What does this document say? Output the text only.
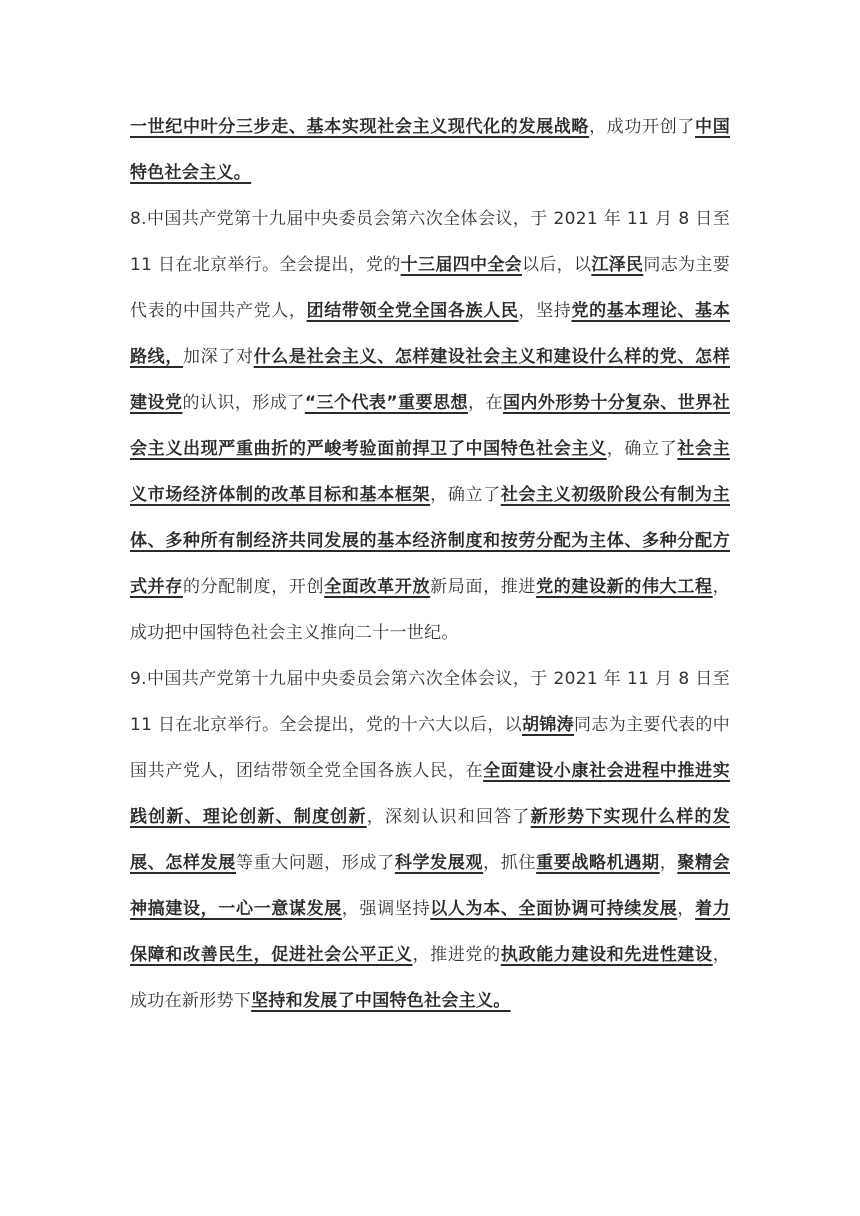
一世纪中叶分三步走、基本实现社会主义现代化的发展战略，成功开创了中国特色社会主义。

8.中国共产党第十九届中央委员会第六次全体会议，于 2021 年 11 月 8 日至 11 日在北京举行。全会提出，党的十三届四中全会以后，以江泽民同志为主要代表的中国共产党人，团结带领全党全国各族人民，坚持党的基本理论、基本路线，加深了对什么是社会主义、怎样建设社会主义和建设什么样的党、怎样建设党的认识，形成了“三个代表”重要思想，在国内外形势十分复杂、世界社会主义出现严重曲折的严峻考验面前捍卫了中国特色社会主义，确立了社会主义市场经济体制的改革目标和基本框架，确立了社会主义初级阶段公有制为主体、多种所有制经济共同发展的基本经济制度和按劳分配为主体、多种分配方式并存的分配制度，开创全面改革开放新局面，推进党的建设新的伟大工程，成功把中国特色社会主义推向二十一世纪。

9.中国共产党第十九届中央委员会第六次全体会议，于 2021 年 11 月 8 日至 11 日在北京举行。全会提出，党的十六大以后，以胡锦涛同志为主要代表的中国共产党人，团结带领全党全国各族人民，在全面建设小康社会进程中推进实践创新、理论创新、制度创新，深刻认识和回答了新形势下实现什么样的发展、怎样发展等重大问题，形成了科学发展观，抓住重要战略机遇期，聚精会神搞建设，一心一意谋发展，强调坚持以人为本、全面协调可持续发展，着力保障和改善民生，促进社会公平正义，推进党的执政能力建设和先进性建设，成功在新形势下坚持和发展了中国特色社会主义。
